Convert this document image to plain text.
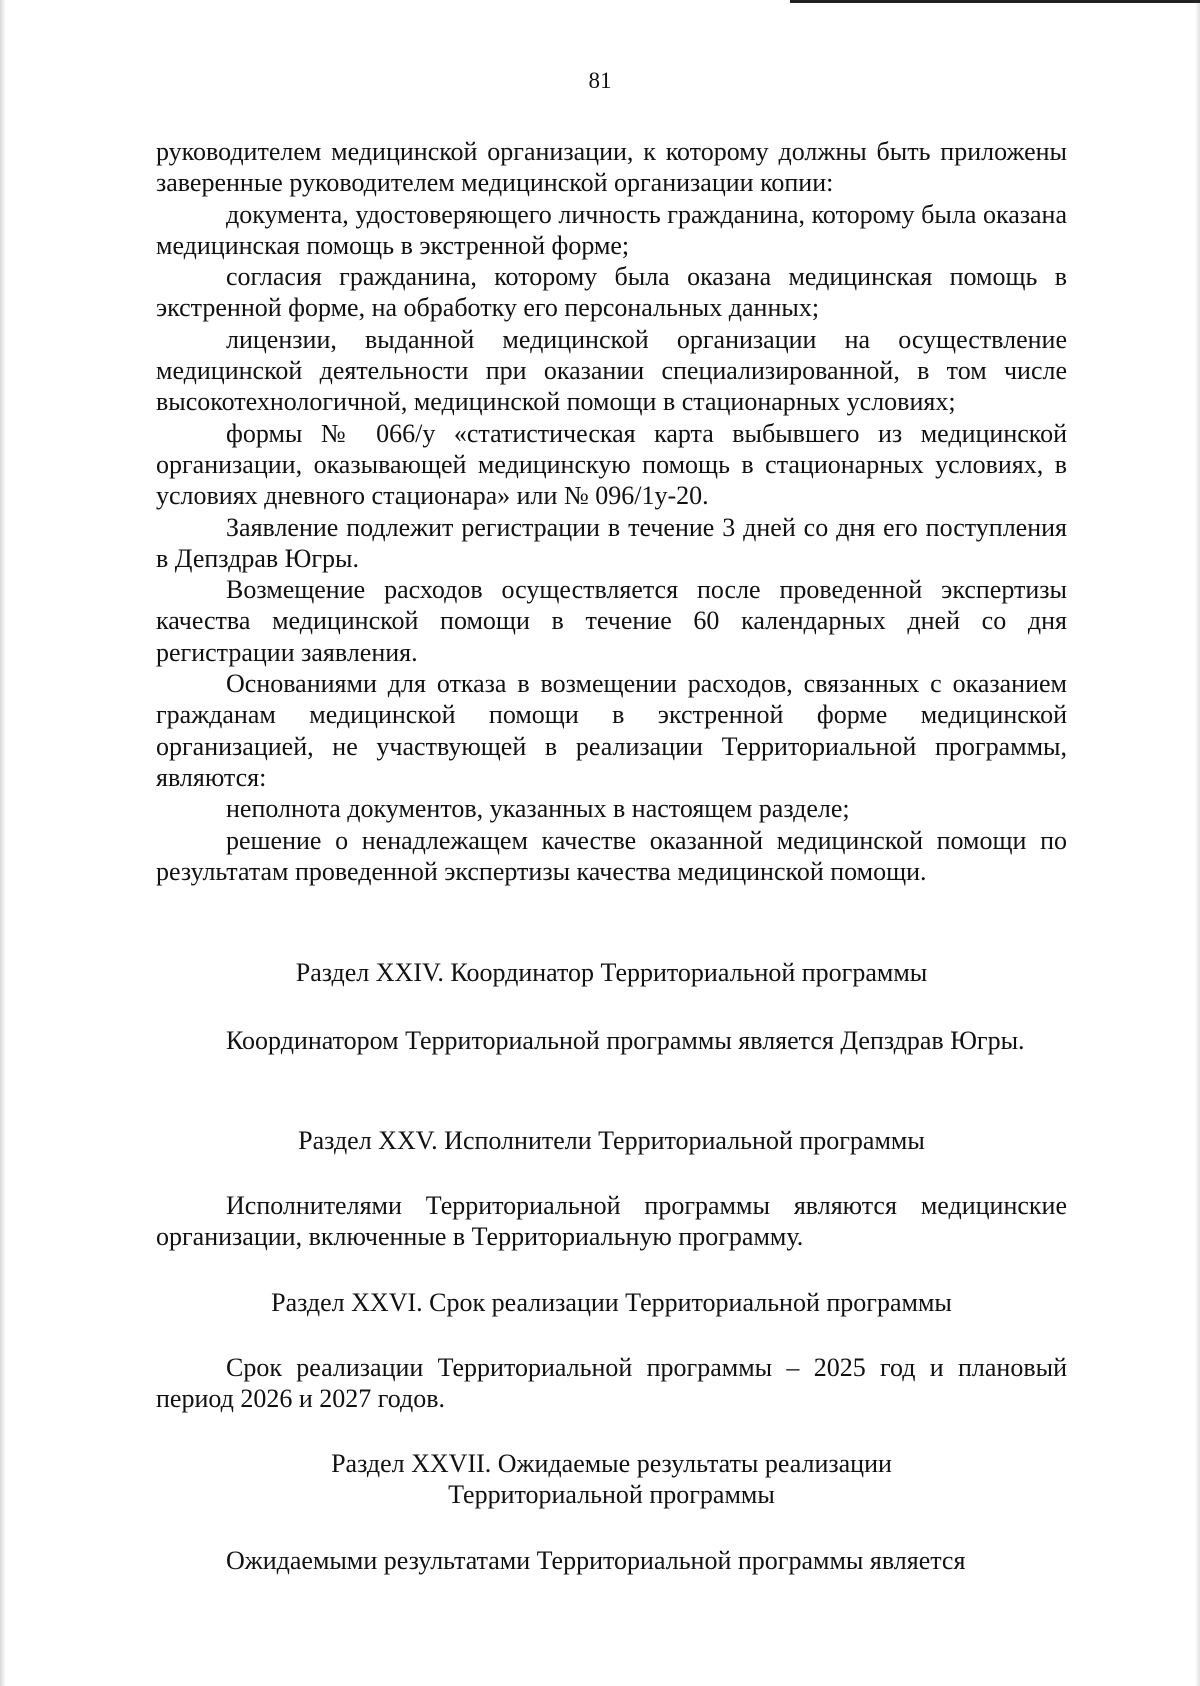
81

руководителем медицинской организации, к которому должны быть приложены заверенные руководителем медицинской организации копии:

документа, удостоверяющего личность гражданина, которому была оказана медицинская помощь в экстренной форме;

согласия гражданина, которому была оказана медицинская помощь в экстренной форме, на обработку его персональных данных;

лицензии, выданной медицинской организации на осуществление медицинской деятельности при оказании специализированной, в том числе высокотехнологичной, медицинской помощи в стационарных условиях;

формы № 066/у «статистическая карта выбывшего из медицинской организации, оказывающей медицинскую помощь в стационарных условиях, в условиях дневного стационара» или № 096/1у-20.

Заявление подлежит регистрации в течение 3 дней со дня его поступления в Депздрав Югры.

Возмещение расходов осуществляется после проведенной экспертизы качества медицинской помощи в течение 60 календарных дней со дня регистрации заявления.

Основаниями для отказа в возмещении расходов, связанных с оказанием гражданам медицинской помощи в экстренной форме медицинской организацией, не участвующей в реализации Территориальной программы, являются:

неполнота документов, указанных в настоящем разделе;

решение о ненадлежащем качестве оказанной медицинской помощи по результатам проведенной экспертизы качества медицинской помощи.

Раздел XXIV. Координатор Территориальной программы

Координатором Территориальной программы является Депздрав Югры.

Раздел XXV. Исполнители Территориальной программы

Исполнителями Территориальной программы являются медицинские организации, включенные в Территориальную программу.

Раздел XXVI. Срок реализации Территориальной программы

Срок реализации Территориальной программы – 2025 год и плановый период 2026 и 2027 годов.

Раздел XXVII. Ожидаемые результаты реализации

Территориальной программы

Ожидаемыми результатами Территориальной программы является
